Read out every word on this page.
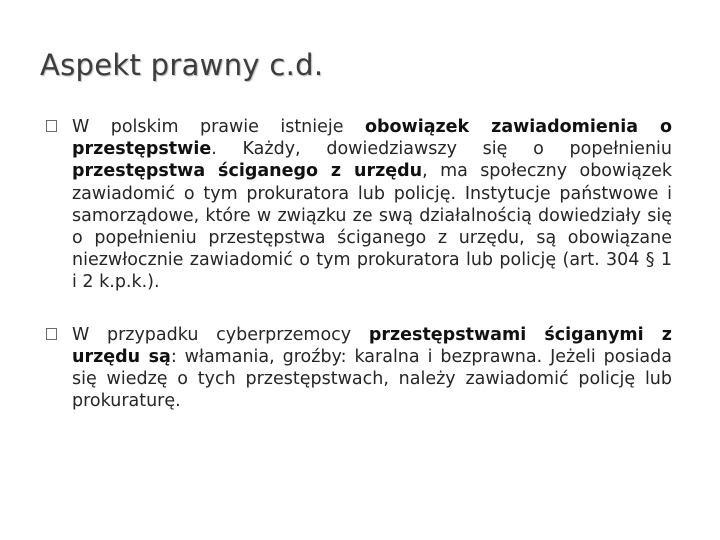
Aspekt prawny c.d.
W polskim prawie istnieje obowiązek zawiadomienia o przestępstwie. Każdy, dowiedziawszy się o popełnieniu przestępstwa ściganego z urzędu, ma społeczny obowiązek zawiadomić o tym prokuratora lub policję. Instytucje państwowe i samorządowe, które w związku ze swą działalnością dowiedziały się o popełnieniu przestępstwa ściganego z urzędu, są obowiązane niezwłocznie zawiadomić o tym prokuratora lub policję (art. 304 § 1 i 2 k.p.k.).
W przypadku cyberprzemocy przestępstwami ściganymi z urzędu są: włamania, groźby: karalna i bezprawna. Jeżeli posiada się wiedzę o tych przestępstwach, należy zawiadomić policję lub prokuraturę.
